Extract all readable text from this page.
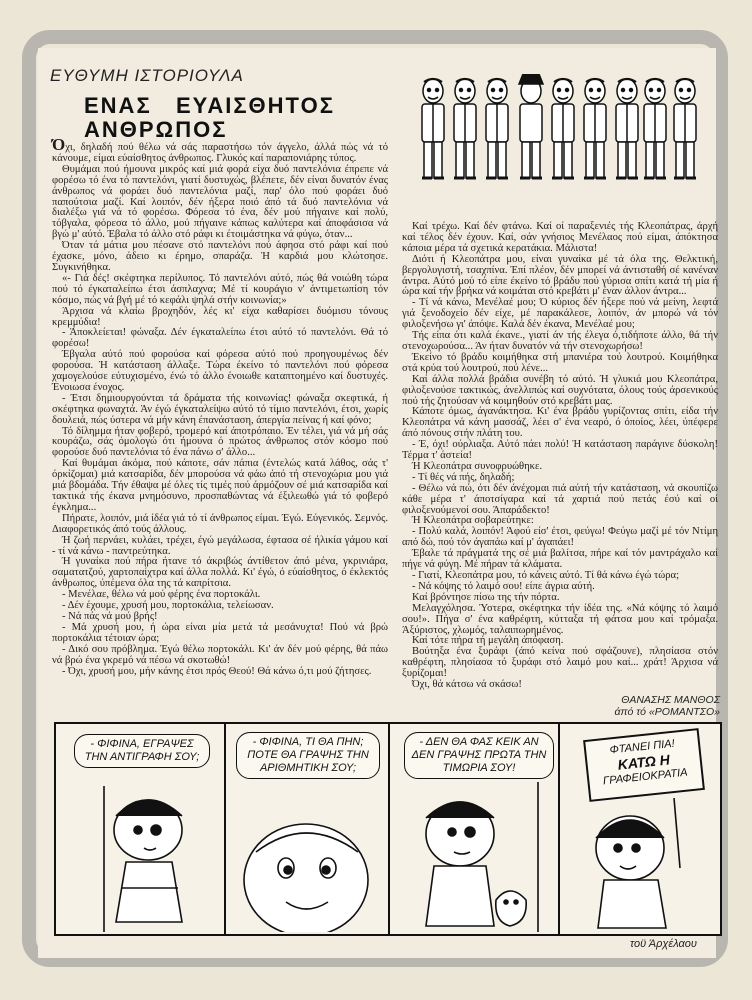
ΕΥΘΥΜΗ ΙΣΤΟΡΙΟΥΛΑ
ΕΝΑΣ   ΕΥΑΙΣΘΗΤΟΣ
ΑΝΘΡΩΠΟΣ

Όχι, δηλαδή πού θέλω νά σάς παραστήσω τόν άγγελο, άλλά πώς νά τό κάνουμε, είμαι εύαίσθητος άνθρωπος. Γλυκός καί παραπονιάρης τύπος.

Θυμάμαι πού ήμουνα μικρός καί μιά φορά είχα δυό παντελόνια έπρεπε νά φορέσω τό ένα τό παντελόνι, γιατί δυστυχώς, βλέπετε, δέν είναι δυνατόν ένας άνθρωπος νά φοράει δυό παντελόνια μαζί, παρ' όλο πού φοράει δυό παπούτσια μαζί. Καί λοιπόν, δέν ήξερα ποιό άπό τά δυό παντελόνια νά διαλέξω γιά νά τό φορέσω. Φόρεσα τό ένα, δέν μού πήγαινε καί πολύ, τόβγαλα, φόρεσα τό άλλο, μού πήγαινε κάπως καλύτερα καί άποφάσισα νά βγώ μ' αύτό. Έβαλα τό άλλο στό ράφι κι έτοιμάστηκα νά φύγω, όταν...

Όταν τά μάτια μου πέσανε στό παντελόνι πού άφησα στό ράφι καί πού έχασκε, μόνο, άδειο κι έρημο, σπαράζα. Ή καρδιά μου κλώτσησε. Συγκινήθηκα.

«- Γιά δές! σκέφτηκα περίλυπος. Τό παντελόνι αύτό, πώς θά νοιώθη τώρα πού τό έγκαταλείπω έτσι άσπλαχνα; Μέ τί κουράγιο ν' άντιμετωπίση τόν κόσμο, πώς νά βγή μέ τό κεφάλι ψηλά στήν κοινωνία;»

Άρχισα νά κλαίω βροχηδόν, λές κι' είχα καθαρίσει δυόμισυ τόνους κρεμμύδια!

- Άποκλείεται! φώναξα. Δέν έγκαταλείπω έτσι αύτό τό παντελόνι. Θά τό φορέσω!

Έβγαλα αύτό πού φορούσα καί φόρεσα αύτό πού προηγουμένως δέν φορούσα. Ή κατάσταση άλλαξε. Τώρα έκείνο τό παντελόνι πού φόρεσα χαμογελούσε εύτυχισμένο, ένώ τό άλλο ένοιωθε καταπτοημένο καί δυστυχές. Ένοιωσα ένοχος.

- Έτσι δημιουργούνται τά δράματα τής κοινωνίας! φώναξα σκεφτικά, ή σκέφτηκα φωναχτά. Άν έγώ έγκαταλείψω αύτό τό τίμιο παντελόνι, έτσι, χωρίς δουλειά, πώς ύστερα νά μήν κάνη έπανάσταση, άπεργία πείνας ή καί φόνο;

Τό δίλημμα ήταν φοβερό, τρομερό καί άποτρόπαιο. Έν τέλει, γιά νά μή σάς κουράζω, σάς όμολογώ ότι ήμουνα ό πρώτος άνθρωπος στόν κόσμο πού φορούσε δυό παντελόνια τό ένα πάνω σ' άλλο...

Καί θυμάμαι άκόμα, πού κάποτε, σάν πάπια (έντελώς κατά λάθος, σάς τ' όρκίζομαι) μιά κατσαρίδα, δέν μπορούσα νά φάω άπό τή στενοχώρια μου γιά μιά βδομάδα. Τήν έθαψα μέ όλες τίς τιμές πού άρμόζουν σέ μιά κατσαρίδα καί τακτικά τής έκανα μνημόσυνο, προσπαθώντας νά έξιλεωθώ γιά τό φοβερό έγκλημα...

Πήρατε, λοιπόν, μιά ίδέα γιά τό τί άνθρωπος είμαι. Έγώ. Εύγενικός. Σεμνός. Διαφορετικός άπό τούς άλλους.

Ή ζωή περνάει, κυλάει, τρέχει, έγώ μεγάλωσα, έφτασα σέ ήλικία γάμου καί - τί νά κάνω - παντρεύτηκα.

Ή γυναίκα πού πήρα ήτανε τό άκριβώς άντίθετον άπό μένα, γκρινιάρα, σαματατζού, χαρτοπαίχτρα καί άλλα πολλά. Κι' έγώ, ό εύαίσθητος, ό έκλεκτός άνθρωπος, ύπέμενα όλα της τά καπρίτσια.

- Μενέλαε, θέλω νά μού φέρης ένα πορτοκάλι.

- Δέν έχουμε, χρυσή μου, πορτοκάλια, τελείωσαν.

- Νά πάς νά μού βρής!

- Μά χρυσή μου, ή ώρα είναι μία μετά τά μεσάνυχτα! Πού νά βρώ πορτοκάλια τέτοιαν ώρα;

- Δικό σου πρόβλημα. Έγώ θέλω πορτοκάλι. Κι' άν δέν μού φέρης, θά πάω νά βρώ ένα γκρεμό νά πέσω νά σκοτωθώ!

- Όχι, χρυσή μου, μήν κάνης έτσι πρός Θεού! Θά κάνω ό,τι μού ζήτησες.

Καί τρέχω. Καί δέν φτάνω. Καί οί παραξενιές τής Κλεοπάτρας, άρχή καί τέλος δέν έχουν. Καί, σάν γνήσιος Μενέλαος πού είμαι, άπόκτησα κάποια μέρα τά σχετικά κερατάκια. Μάλιστα!

Διότι ή Κλεοπάτρα μου, είναι γυναίκα μέ τά όλα της. Θελκτική, βεργολυγιστή, τσαχπίνα. Έπί πλέον, δέν μπορεί νά άντισταθή σέ κανέναν άντρα. Αύτό μού τό είπε έκείνο τό βράδυ πού γύρισα σπίτι κατά τή μία ή ώρα καί τήν βρήκα νά κοιμάται στό κρεβάτι μ' έναν άλλον άντρα...

- Τί νά κάνω, Μενέλαέ μου; Ό κύριος δέν ήξερε πού νά μείνη, λεφτά γιά ξενοδοχείο δέν είχε, μέ παρακάλεσε, λοιπόν, άν μπορώ νά τόν φιλοξενήσω γι' άπόψε. Καλά δέν έκανα, Μενέλαέ μου;

Τής είπα ότι καλά έκανε., γιατί άν τής έλεγα ό,τιδήποτε άλλο, θά τήν στενοχωρούσα... Άν ήταν δυνατόν νά τήν στενοχωρήσω!

Έκείνο τό βράδυ κοιμήθηκα στή μπανιέρα τού λουτρού. Κοιμήθηκα στά κρύα τού λουτρού, πού λένε...

Καί άλλα πολλά βράδια συνέβη τό αύτό. Ή γλυκιά μου Κλεοπάτρα, φιλοξενούσε τακτικώς, άνελλιπώς καί συχνότατα, όλους τούς άρσενικούς πού τής ζητούσαν νά κοιμηθούν στό κρεβάτι μας.

Κάποτε όμως, άγανάκτησα. Κι' ένα βράδυ γυρίζοντας σπίτι, είδα τήν Κλεοπάτρα νά κάνη μασσάζ, λέει σ' ένα νεαρό, ό όποίος, λέει, ύπέφερε άπό πόνους στήν πλάτη του.

- Έ, όχι! ούρλιαξα. Αύτό πάει πολύ! Ή κατάσταση παράγινε δύσκολη! Τέρμα τ' άστεία!

Ή Κλεοπάτρα συνοφρυώθηκε.

- Τί θές νά πής, δηλαδή;

- Θέλω νά πώ, ότι δέν άνέχομαι πιά αύτή τήν κατάσταση, νά σκουπίζω κάθε μέρα τ' άποτσίγαρα καί τά χαρτιά πού πετάς έσύ καί οί φιλοξενούμενοί σου. Άπαράδεκτο!

Ή Κλεοπάτρα σοβαρεύτηκε:

- Πολύ καλά, λοιπόν! Άφού είσ' έτσι, φεύγω! Φεύγω μαζί μέ τόν Ντίμη από δώ, πού τόν άγαπάω καί μ' άγαπάει!

Έβαλε τά πράγματά της σέ μιά βαλίτσα, πήρε καί τόν μαντράχαλο καί πήγε νά φύγη. Μέ πήραν τά κλάματα.

- Γιατί, Κλεοπάτρα μου, τό κάνεις αύτό. Τί θά κάνω έγώ τώρα;

- Νά κόψης τό λαιμό σου! είπε άγρια αύτή.

Καί βρόντησε πίσω της τήν πόρτα.

Μελαγχόλησα. Ύστερα, σκέφτηκα τήν ίδέα της. «Νά κόψης τό λαιμό σου!». Πήγα σ' ένα καθρέφτη, κύτταξα τή φάτσα μου καί τρόμαξα. Άξύριστος, χλωμός, ταλαιπωρημένος.

Καί τότε πήρα τή μεγάλη άπόφαση.

Βούτηξα ένα ξυράφι (άπό κείνα πού σφάζουνε), πλησίασα στόν καθρέφτη, πλησίασα τό ξυράφι στό λαιμό μου καί... χράτ! Άρχισα νά ξυρίζομαι!

Όχι, θά κάτσω νά σκάσω!

ΘΑΝΑΣΗΣ ΜΑΝΘΟΣ
άπό τό «ΡΟΜΑΝΤΣΟ»
- ΦΙΦΙΝΑ, ΕΓΡΑΨΕΣ ΤΗΝ ΑΝΤΙΓΡΑΦΗ ΣΟΥ;
- ΦΙΦΙΝΑ, ΤΙ ΘΑ ΠΗΝ; ΠΟΤΕ ΘΑ ΓΡΑΨΗΣ ΤΗΝ ΑΡΙΘΜΗΤΙΚΗ ΣΟΥ;
- ΔΕΝ ΘΑ ΦΑΣ ΚΕΙΚ ΑΝ ΔΕΝ ΓΡΑΨΗΣ ΠΡΩΤΑ ΤΗΝ ΤΙΜΩΡΙΑ ΣΟΥ!
ΦΤΑΝΕΙ ΠΙΑ!
ΚΑΤΩ Η
ΓΡΑΦΕΙΟΚΡΑΤΙΑ
τοϋ Άρχέλαου
